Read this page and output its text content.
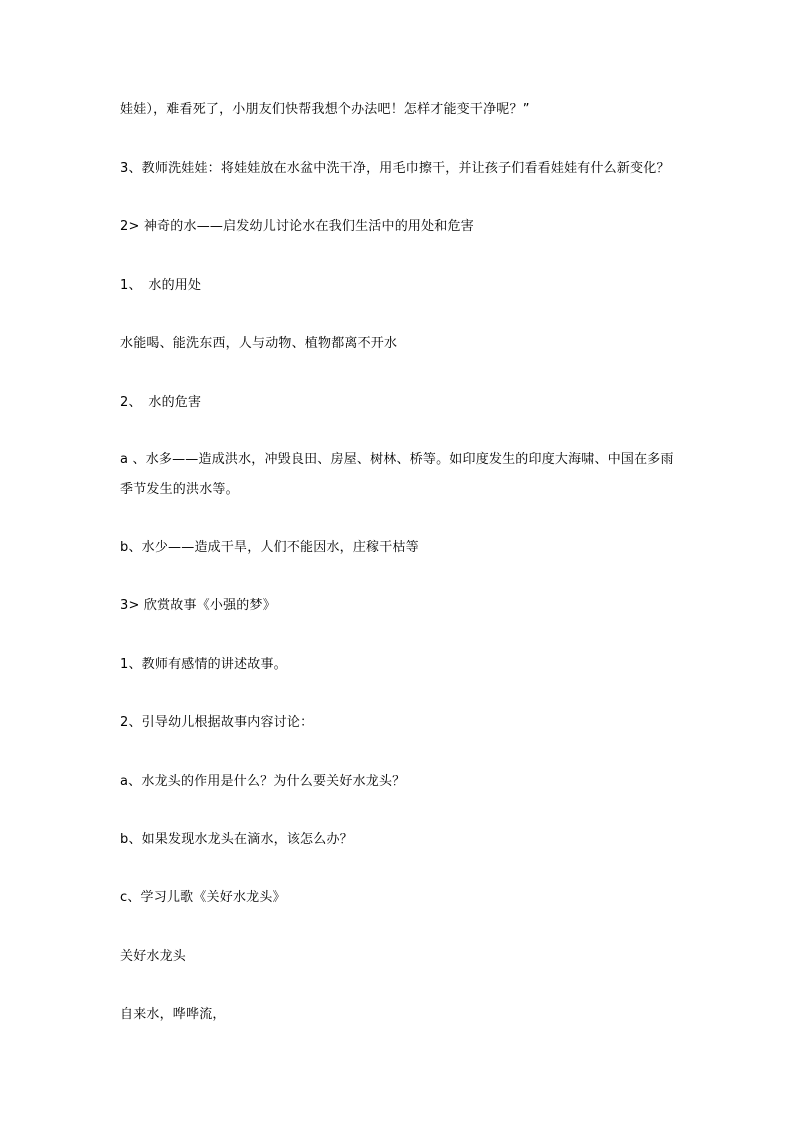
娃娃），难看死了，小朋友们快帮我想个办法吧！怎样才能变干净呢？”
3、教师洗娃娃：将娃娃放在水盆中洗干净，用毛巾擦干，并让孩子们看看娃娃有什么新变化？
2> 神奇的水——启发幼儿讨论水在我们生活中的用处和危害
1、　水的用处
水能喝、能洗东西，人与动物、植物都离不开水
2、　水的危害
a 、水多——造成洪水，冲毁良田、房屋、树林、桥等。如印度发生的印度大海啸、中国在多雨季节发生的洪水等。
b、水少——造成干旱，人们不能因水，庄稼干枯等
3> 欣赏故事《小强的梦》
1、教师有感情的讲述故事。
2、引导幼儿根据故事内容讨论：
a、水龙头的作用是什么？为什么要关好水龙头？
b、如果发现水龙头在滴水，该怎么办？
c、学习儿歌《关好水龙头》
关好水龙头
自来水，哗哗流，
